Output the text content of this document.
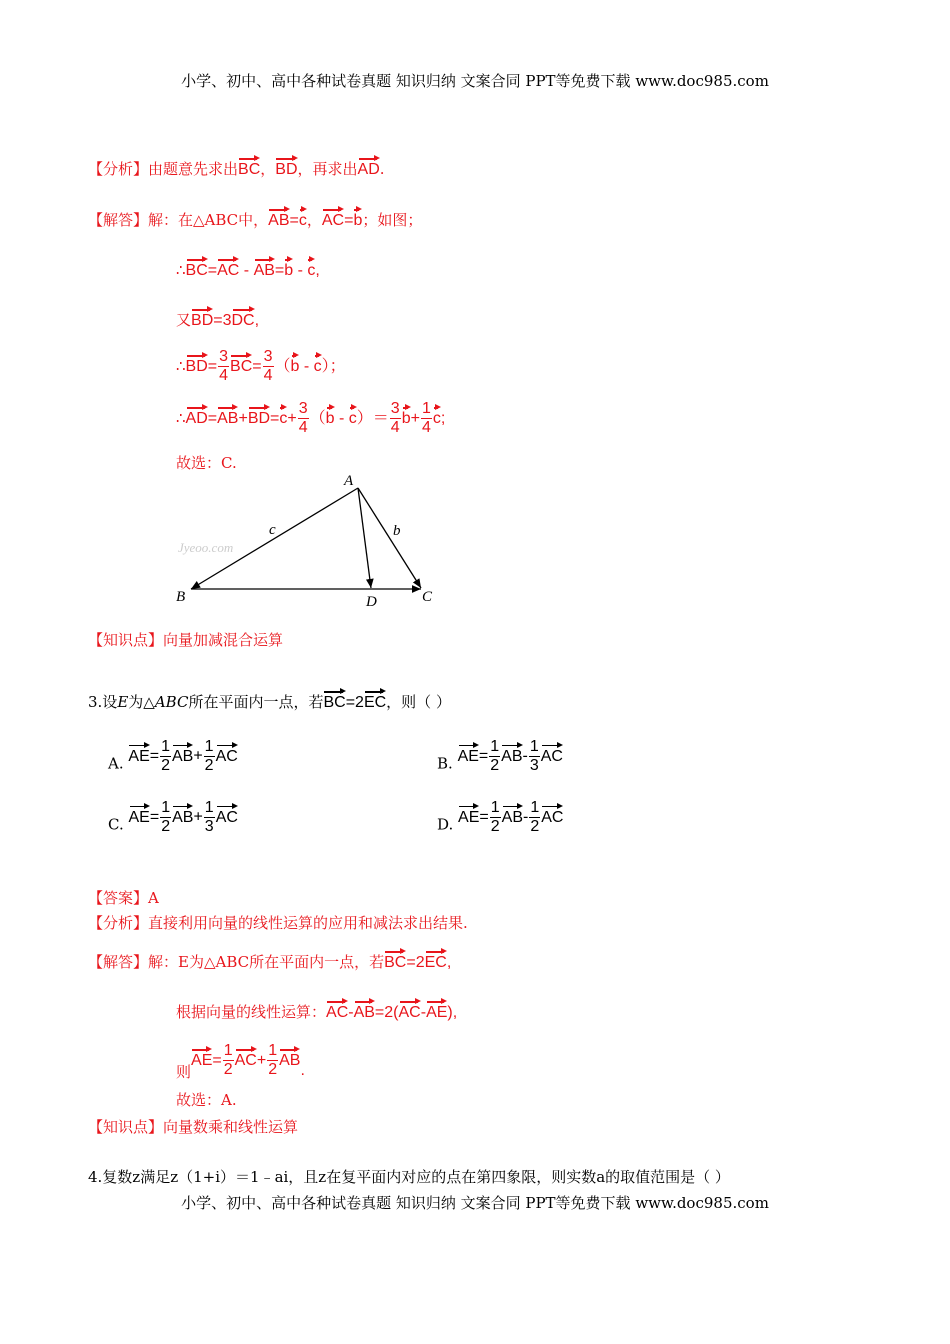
小学、初中、高中各种试卷真题 知识归纳 文案合同 PPT等免费下载 www.doc985.com
【分析】由题意先求出BC，BD，再求出AD.
【解答】解：在△ABC中，AB=c，AC=b；如图；
∴BC=AC - AB=b - c,
又BD=3DC,
∴BD= $\frac{3}{4} BC= \frac{3}{4} (b - c)$；
∴AD=AB+BD=c+ $\frac{3}{4} (b - c)= \frac{3}{4} b+ \frac{1}{4} c$;
故选：C.
Jyeoo.com
A
B	D	C
c	b
【知识点】向量加减混合运算
3.设E为△ABC所在平面内一点，若BC=2EC，则（ ）
A. $AE= \frac{1}{2} AB+ \frac{1}{2}$ AC	B. $AE= \frac{1}{2} AB- \frac{1}{3}$ AC
C. $AE= \frac{1}{2} AB+ \frac{1}{3}$ AC	D. $AE= \frac{1}{2} AB- \frac{1}{2}$ AC
【答案】A
【分析】直接利用向量的线性运算的应用和减法求出结果.
【解答】解：E为△ABC所在平面内一点，若BC=2EC,
根据向量的线性运算：AC-AB=2(AC-AE),
则$AE= \frac{1}{2} AC+ \frac{1}{2}$ AB.
故选：A.
【知识点】向量数乘和线性运算
4.复数z满足z（1+i）＝1﹣ai，且z在复平面内对应的点在第四象限，则实数a的取值范围是（ ）
小学、初中、高中各种试卷真题 知识归纳 文案合同 PPT等免费下载 www.doc985.com
